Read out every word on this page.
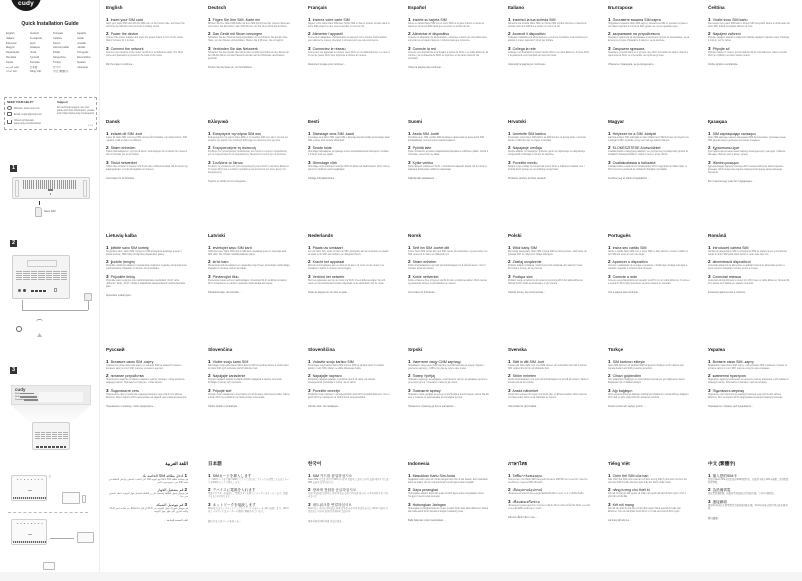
cudy
Quick Installation Guide
English	Deutsch	Français	Español
Italiano	Български	Čeština	Dansk
Ελληνικά	Eesti	Suomi	Hrvatski
Magyar	Қазақша	Lietuvių kalba	Latviski
Nederlands	Norsk	Polski	Português
Română	Русский	Slovenčina	Slovenščina
Srpski	Svenska	Türkçe	Українa
اللغة العربية	日本語	한국어	Indonesia
ภาษาไทย	Tiếng Việt	中文 (繁體字)
NEED YOUR HELP?
Website: www.cudy.com
Email: support@cudy.com
Drivers & Manuals: www.cudy.com/download
Support
For technical support, the user guide and more information, please visit: https://www.cudy.com/support
V 1.0
1
Nano SIM
2
3
cudy
Wi-Fi
Wi-Fi
Password
⌔
English
1 Insert your SIM card
Align your nano SIM card with the SIM icon on the bottom side, and insert the card into the SIM slot until you hear a clicking sound.
2 Power the device
Connect the power adapter and press the power button to turn on the router. Wait 2 minutes for it to start.
3 Connect the network
Connect your devices to the router via Wi-Fi or an Ethernet cable. The Wi-Fi name and password is printed on the back of the router.
Flip the page to continue...
Deutsch
1 Fügen Sie Ihre SIM -Karte ein
Richten Sie Ihre Nano-SIM-Karte mit dem SIM-Symbol auf der unteren Seite aus und setzen Sie die Karte in den SIM-Slot ein, bis Sie einen Klick-Sound hören.
2 Das Gerät mit Strom versorgen
Schließen Sie den Stromversorgungsadapter an und drücken Sie die Ein-/Aus-Taste, um den Router einzuschalten. Warten Sie 2 Minuten, bis er beginnt.
3 Verbinden Sie das Netzwerk
Schließen Sie Ihre Geräte über Wi-Fi oder ein Ethernet-Kabel an den Router an. Der WLAN-Name und das Passwort werden auf der Rückseite des Routers gedruckt.
Drehen Sie die Seite um, um fortzufahren ...
Français
1 Insérez votre carte SIM
Alignez votre carte Nano SIM avec l'icône SIM en bas et insérez la carte dans la fente SIM jusqu'à ce que vous entendiez un son de clic.
2 Alimenter l'appareil
Connectez l'adaptateur d'alimentation et appuyez sur le bouton d'alimentation pour allumer le routeur. Attendez 2 minutes pour que cela commence.
3 Connectez le réseau
Connectez vos appareils au routeur via le Wi-Fi ou un câble Ethernet. Le nom et le mot de passe Wi-Fi sont imprimés à l'arrière du routeur.
Retournez la page pour continuer ...
Español
1 Inserte su tarjeta SIM
Alinee su tarjeta Nano SIM con el icono SIM en la parte inferior e inserte la tarjeta en la ranura SIM hasta que escuche un sonido de clic.
2 Alimentar el dispositivo
Conecte el adaptador de alimentación y presione el botón de encendido para encender el enrutador. Espere 2 minutos para que comience.
3 Conecte la red
Conecte sus dispositivos al enrutador a través de Wi-Fi o un cable Ethernet. El nombre y la contraseña de Wi-Fi se imprimen en la parte posterior del enrutador.
Voltee la página para continuar ...
Italiano
1 Inserisci la tua scheda SIM
Allinea la tua scheda Nano SIM con l'icona SIM sul lato inferiore e inserisci la scheda nello slot SIM fino a sentire un suono di clic.
2 Accendi il dispositivo
Collegare l'adattatore di alimentazione e premere il pulsante di accensione per attivare il router. Aspetta 2 minuti per iniziare.
3 Collega la rete
Collega i tuoi dispositivi al router tramite Wi-Fi o un cavo Ethernet. Il nome Wi-Fi e la password sono stampati sul retro del router.
Capovolgi la pagina per continuare...
Български
1 Поставете вашата SIM карта
Подравнете вашата Nano SIM карта с иконата на SIM от долната страна и поставете картата в слота на SIM, докато не чуете щракващ звук.
2 захранване на устройството
Свържете адаптера за захранване и натиснете бутона за захранване, за да включите рутера. Изчакайте 2 минути, за да започне.
3 Свържете мрежата
Свържете устройствата си с рутера чрез Wi-Fi или Ethernet кабел. Името и паролата на Wi-Fi се отпечатват на гърба на рутера.
Обърнете страницата, за да продължите...
Čeština
1 Vložte svou SIM kartu
Zarovnejte svou nano SIM kartu s ikonou SIM na spodní straně a vložte kartu do slotu SIM, dokud neuslyšíte kliknutí na zvuk.
2 Napájení zařízení
Připojte napájecí adaptér a stisknutím tlačítka napájení zapněte router. Počkejte 2 minuty, než to začne.
3 Připojte síť
Připojte zařízení k routeru pomocí kabelu Wi-Fi nebo Ethernet. Název a heslo Wi-Fi je vytištěno na zadní straně routeru.
Otočte stránku a pokračujte...
Dansk
1 Indsæt dit SIM -kort
Juster dit Nano SIM -kort med SIM -ikonet på bundsiden, og indsæt kortet i SIM -spalten, indtil du hører en klikklyd.
2 Strøm enheden
Tilslut strømadapteren, og tryk på tænd / sluk-knappen for at tænde for routeren. Vent 2 minutter på, at det starter.
3 Tilslut netværket
Tilslut dine enheder til routeren via Wi-Fi eller et Ethernet-kabel. Wi-Fi-navnet og adgangskoden er trykt på bagsiden af routeren.
Vend siden for at fortsætte ...
Ελληνικά
1 Εισαγάγετε την κάρτα SIM σας
Ευθυγραμμίστε την κάρτα Nano SIM με το εικονίδιο SIM στην κάτω πλευρά και εισάγετε την κάρτα στην υποδοχή SIM μέχρι να ακούσετε έναν ήχο κλικ.
2 Ενεργοποιήστε τη συσκευή
Συνδέστε τον προσαρμογέα τροφοδοσίας και πατήστε το κουμπί τροφοδοσίας για να ενεργοποιήσετε τον δρομολογητή. Περιμένετε 2 λεπτά για να ξεκινήσει.
3 Συνδέστε το δίκτυο
Συνδέστε τις συσκευές σας στον δρομολογητή μέσω Wi-Fi ή καλωδίου Ethernet. Το όνομα Wi-Fi και ο κωδικός πρόσβασης εκτυπώνονται στο πίσω μέρος του δρομολογητή.
Γυρίστε τη σελίδα για να συνεχίσετε ...
Eesti
1 Sisestage oma SIM -kaart
Joondage oma Nano SIM -kaart SIM -i ikooniga alumisel küljel ja sisestage kaart SIM -pessa, kuni kuulete klõpsuheli.
2 Seade toide
Ühendage toiteadapter ja vajutage ruuteri sisselülitamiseks toitenuppu. Oodake 2 minutit, kuni see algab.
3 Ühendage võrk
Ühendage oma seadmed ruuteriga WiFi või Etherneti kaabli kaudu. Wi-Fi nimi ja parool on trükitud ruuteri tagaküljele.
Lülitage leht jätkamiseks ...
Suomi
1 Aseta SIM -kortti
Kohdista nano -SIM -korttisi SIM-kuvakkeen alareunaan ja aseta kortti SIM-korttipaikkaan, kunnes kuulet napsautusäänen.
2 Pyöritä laite
Kytke virtasovitin ja paina virtapainiketta kytkeäksesi reitittimen päälle. Odota 2 minuuttia, ennen kuin se alkaa.
3 Kytke verkko
Kytke laitteesi reitittimeen Wi-Fi: n tai Ethernet-kaapelin kautta. Wi-Fi-nimiä ja salasana tulostetaan reitittimen takaosaan.
Kääntämään jatkaaksesi ...
Hrvatski
1 Umetnite SIM karticu
Poravnajte svoju Nano SIM karticu sa SIM ikonom na donjoj strani i umetnite karticu u SIM utor dok ne čujete zvuk klika.
2 Napajanje uređaja
Spojite adapter za napajanje i pritisnite gumb za uključivanje za uključivanje usmjerivača. Pričekajte 2 minute da započne.
3 Povežite mrežu
Spojite svoje uređaje na usmjerivač putem Wi-Fi-a ili Ethernet kabela. Ime i lozinka Wi-Fi ispisuju se na stražnjoj usmjerivača.
Prebacite stranicu da biste nastavili ...
Magyar
1 Helyezze be a SIM -kártyát
Igazítsa a Nano SIM -kártyáját az alsó oldalon lévő SIM ikonnal, és helyezze be a kártyát a SIM -nyílásba, amíg nem hall egy kattintó hangot.
2 ELŐKÉSZÍTÉSE A készüléket
Csatlakoztassa a tápegység-adaptert, és nyomja meg a bekapcsoló gombot az útválasztó bekapcsolásához. Várjon 2 percet, amíg elindul.
3 Csatlakoztassa a hálózatot
Csatlakoztassa eszközeit az útválasztóhoz Wi-Fi vagy Ethernet kábel útján. A Wi-Fi nevét és jelszavát az útválasztó hátulján nyomtatják.
Fordítsa meg az oldalt a folytatáshoz ...
Қазақша
1 SIM картаңызды салыңыз
Nano SIM картаны төменгі жағындағы SIM белгішесімен туралаңыз және SIM ұясына шерту дыбысын естігенше салыңыз.
2 Құрылғыны қуат
Қуат адаптерін қосыңыз және маршрутизаторды қосу үшін қуат түймесін басыңыз. Бастау үшін 2 минут күтіңіз.
3 Желіні қосыңыз
Құрылғыларды маршрутизаторға Wi-Fi немесе Ethernet кабелі арқылы қосыңыз. Wi-Fi атауы мен пароль маршрутизатордың артқы жағында басылған.
Бетті жалғастыру үшін бетті аударыңыз ...
Lietuvių kalba
1 Įdėkite savo SIM kortelę
Sulyginkite savo „Nano SIM“ kortelę su SIM piktograma apatinėje pusėje ir įdėkite kortelę į SIM lizdą, kol išgirsite paspaudimo garsą.
2 Įjunkite įrenginį
Prijunkite maitinimo adapterį ir paspauskite maitinimo mygtuką, kad įjungtumėte maršrutizatorių. Palaukite 2 minutes, kol jis prasidės.
3 Prijunkite tinklą
Prijunkite savo įrenginius prie maršrutizatoriaus naudodami „Wi-Fi“ arba „Ethernet“ laidą. „Wi-Fi“ vardas ir slaptažodis atspausdinami maršrutizatoriaus gale.
Apverskite puslapį tęsti ...
Latviski
1 Ievietojiet savu SIM karti
Izlīdziniet savu Nano SIM karti ar SIM ikonu apakšējā pusē un ievietojiet karti SIM slotā, līdz dzirdat noklikšķināšanas skaņu.
2 Ierīci baro
Pievienojiet strāvas adapteri un nospiediet pogu Power, lai ieslēgtu maršrutētāju. Pagaidiet 2 minūtes, kamēr tas sākas.
3 Pievienojiet tīklu
Pievienojiet savas ierīces maršrutētājam, izmantojot Wi-Fi vai Ethernet kabeli. Wi-Fi nosaukums un parole ir iespiesta maršrutētāja aizmugurē.
Pārslēdziet lapu, lai turpinātu ...
Nederlands
1 Plaats uw simkaart
Lijn uw Nano Sim -kaart uit met het SIM -pictogram aan de onderkant en plaats de kaart in de SIM -slot totdat u een klikgeluid hoort.
2 Kracht het apparaat
Sluit de stroomadapter aan en druk op de aan / uit -knop om de router in te schakelen. Wacht 2 minuten tot het begint.
3 Verbind het netwerk
Sluit uw apparaten aan op de router via Wi-Fi of een Ethernet-kabel. De wifi-naam en het wachtwoord worden afgedrukt op de achterkant van de router.
Draai de pagina om om door te gaan ...
Norsk
1 Sett inn SIM -kortet ditt
Juster Nano SIM -kortet ditt med SIM -ikonet på undersiden, og sett kortet inn i SIM -sporet til du hører en klikkende lyd.
2 Strøm enheten
Koble strømadapteren og trykk på strømknappen for å slå på ruteren. Vent 2 minutter på at den starter.
3 Koble nettverket
Koble enhetene dine til ruteren via Wi-Fi eller en Ethernet-kabel. Wi-Fi-navnet og passordet skrives ut på baksiden av ruteren.
Vend siden for å fortsette ...
Polski
1 Włóż kartę SIM
Wyrównaj swoją kartę Nano SIM z ikoną SIM po dolnej stronie i włóż kartę do gniazda SIM, aż usłyszysz dźwięk kliknięcia.
2 Zasilaj urządzenie
Podłącz adapter zasilania i naciśnij przycisk zasilania, aby włączyć router. Poczekaj 2 minuty, aż się zacznie.
3 Podłącz sieć
Podłącz swoje urządzenia do routera za pomocą Wi-Fi lub kabla Ethernet. Nazwa Wi-Fi i hasło są drukowane z tyłu routera.
Odwróć stronę, aby kontynuować ...
Português
1 Insira seu cartão SIM
Alinhe o cartão Nano SIM com o ícone SIM no lado inferior e insira o cartão no slot SIM até ouvir um som de clique.
2 Aparecer o dispositivo
Conecte o adaptador de energia e pressione o botão liga / desliga para ligar o roteador. Aguarde 2 minutos para começar.
3 Conecte a rede
Conecte seus dispositivos ao roteador via Wi-Fi ou um cabo Ethernet. O nome e a senha do Wi-Fi são impressos na parte traseira do roteador.
Vire a página para continuar ...
Română
1 Introduceți cartela SIM
Aliniați-vă cartela Nano SIM cu pictograma SIM pe partea de jos și introduceți cardul în slotul SIM până când auziți un sunet care face clic.
2 alimentează dispozitivul
Conectați adaptorul de alimentare și apăsați butonul de alimentare pentru a porni routerul. Așteptați 2 minute pentru a începe.
3 Conectați rețeaua
Conectați-vă dispozitivele la router prin Wi-Fi sau un cablu Ethernet. Numele Wi-Fi și parola sunt tipărite pe spatele routerului.
Întoarceți pagina pentru a continua...
Русский
1 Вставьте свою SIM -карту
Совместите свою нано-сим-карту со значком SIM на нижней стороне и вставьте карту в слот SIM, пока не услышите щелчок.
2 питание устройства
Подключите адаптер питания и нажмите кнопку питания, чтобы включить маршрутизатор. Подождите 2 минуты, чтобы начать.
3 Подключите сеть
Подключите свои устройства к маршрутизатору через Wi-Fi или кабель Ethernet. Имя и пароль Wi-Fi напечатаны на задней части маршрутизатора.
Переверните страницу, чтобы продолжить ...
Slovenčina
1 Vložte svoju kartu SIM
Zarovnajte svoju kartu Nano SIM s ikonou SIM na spodnej strane a vložte kartu do slotu SIM, kým nebudete počuť kliknutie zvuk.
2 Napájajte zariadenie
Pripojte napájací adaptér a stlačte tlačidlo napájania a zapnite smerovač. Počkajte 2 minúty, kým sa začne.
3 Pripojte sieť
Pripojte svoje zariadenia k smerovaču cez Wi-Fi alebo ethernetový kábel. Názov a heslo Wi-Fi sú vytlačené na zadnej strane smerovača.
Otočte stránku a pokračujte ...
Slovenščina
1 Vstavite svojo kartico SIM
Poravnajte svojo kartico Nano SIM z ikono SIM na spodnji strani in vstavite kartico v režo SIM, dokler ne slišite klikanega zvoka.
2 Napajajte napravo
Priključite napajalni adapter in pritisnite gumb za vklop, da vklopite usmerjevalnik. Počakajte 2 minuti, da se začne.
3 Povežite omrežje
Priključite svoje naprave z usmerjevalnikom prek Wi-Fi ali kabla Ethernet. Ime in geslo Wi-Fi je natisnjeno na zadnji strani usmerjevalnika.
Obrnite stran, da nadaljujete ...
Srpski
1 Уметните своју СИМ картицу
Поравнајте своју нано СИМ картицу са СИМ иконом на доњој страни и уметните картицу у СИМ утор док не чујете звук клика.
2 Повер Уређај
Повежите адаптер за напајање и притисните тастер за напајање да бисте укључили рутер. Сачекајте 2 минута да почне.
3 Повежите мрежу
Повежите своје уређаје на рутер путем Ви-Фи-а или Етхернет кабла. Ви-Фи име и лозинка су одштампани на полеђини рутера.
Преврните страницу да бисте наставили ...
Svenska
1 Sätt in ditt SIM -kort
Justera ditt Nano SIM -kort med SIM -ikonen på undersidan och sätt in kortet i SIM -spåret tills du hör ett klickande ljud.
2 Ström enheten
Anslut strömadaptern och tryck på strömknappen för att slå på routern. Vänta 2 minuter på att den startar.
3 Anslut nätverket
Anslut dina enheter till routern via Wi-Fi eller en Ethernet-kabel. Wi-Fi-namnet och lösenordet skrivs ut på baksidan av routern.
Vänd sidan för att fortsätta ...
Türkçe
1 SIM kartınızı ekleyin
Nano SIM kartınızı alt taraftaki SIM simgesiyle hizalayın ve bir tıklama sesi duyana kadar kartı SIM yuvasına yerleştirin.
2 Cihazı güçlendirin
Güç adaptörünü bağlayın ve yönlendiriciyi açmak için güç düğmesine basın. Başlaması için 2 dakika bekleyin.
3 Ağı bağlayın
Wi-Fi veya bir Ethernet kablosu aracılığıyla cihazlarınızı yönlendiriciye bağlayın. Wi-Fi adı ve şifre yönlendiricinin arkasına yazdırılır.
Devam etmek için sayfayı çevirin ...
Українa
1 Вставте свою SIM -карту
Вирівняйте свою Nano SIM -карту з піктограмою SIM з нижньої сторони та вставте картку в слот SIM, поки не почуєте звук клацання.
2 живлення пристрою
Підключіть адаптер живлення та натисніть кнопку живлення, щоб увімкнути маршрутизатор. Зачекайте 2 хвилини, щоб він почався.
3 Підключіть мережу
Підключіть свої пристрої до маршрутизатора через Wi-Fi або кабель Ethernet. Ім'я та пароль Wi-Fi надруковані на звороті маршрутизатора.
Переверніть сторінку, щоб продовжити ...
اللغة العربية
1 أدخل بطاقة SIM الخاصة بك
قم بمحاذاة بطاقة Nano SIM مع أيقونة SIM على الجانب السفلي، وأدخل البطاقة في فتحة SIM حتى تسمع صوت النقر.
2 قم بتشغيل الجهاز
قم بتوصيل محول الطاقة واضغط على زر الطاقة لتشغيل جهاز التوجيه. انتظر دقيقتين حتى يبدأ.
3 قم بتوصيل الشبكة
قم بتوصيل أجهزتك بجهاز التوجيه عبر Wi-Fi أو كابل Ethernet. تتم طباعة اسم Wi-Fi وكلمة المرور على ظهر جهاز التوجيه.
اقلب الصفحة للمتابعة ...
日本語
1 SIMカードを挿入します
ナノSIMカードを下側のSIMアイコンに合わせ、クリック音が聞こえるまでカードをSIMスロットに挿入します。
2 デバイスに電源を入れます
電源アダプターを接続し、電源ボタンを押してルーターをオンにします。開始するまで2分待ちます。
3 ネットワークを接続します
Wi-FiまたはイーサネットケーブルでデバイスをルーターBに接続します。Wi-Fi名とパスワードはルーターの背面に印刷されています。
続行するにはページをめくる...
한국어
1 SIM 카드를 삽입하십시오
Nano SIM 카드를 하단의 SIM 아이콘과 정렬하고 클릭 소리가 들릴 때까지 카드를 SIM 슬롯에 삽입하십시오.
2 장치에 전원을 공급하십시오
전원 어댑터를 연결하고 전원 버튼을 눌러 라우터를 켭니다. 시작하려면 2 분 기다리십시오.
3 네트워크를 연결하십시오
Wi-Fi 또는 이더넷 케이블을 통해 장치를 라우터에 연결하십시오. Wi-Fi 이름과 비밀번호는 라우터 뒷면에 인쇄되어 있습니다.
계속하려면 페이지를 뒤집으세요 ...
Indonesia
1 Masukkan Kartu Sim Anda
Sejajarkan kartu nano sim Anda dengan ikon sim di sisi bawah, dan masukkan kartu ke dalam slot sim sampai Anda mendengar suara mengklik.
2 Daya perangkat
Hubungkan adaptor daya dan tekan tombol daya untuk menyalakan router. Tunggu 2 menit untuk memulai.
3 Hubungkan Jaringan
Hubungkan perangkat Anda ke router melalui Wi-Fi atau kabel Ethernet. Nama dan kata sandi Wi-Fi dicetak di bagian belakang router.
Balik halaman untuk melanjutkan ...
ภาษาไทย
1 ใส่ซิมการ์ดของคุณ
จัดตำแหน่งการ์ด Nano SIM ของคุณด้วยไอคอน SIM ที่ด้านล่างและใส่การ์ดลงในช่องซิมจนกว่าคุณจะได้ยินเสียงคลิก
2 เปิดอุปกรณ์อุปกรณ์
เชื่อมต่ออะแดปเตอร์ไฟและกดปุ่มเปิดปิดเพื่อเปิดเราเตอร์ รอ 2 นาทีเพื่อเริ่มต้น
3 เชื่อมต่อเครือข่าย
เชื่อมต่ออุปกรณ์ของคุณกับเราเตอร์ผ่าน Wi-Fi หรือสายอีเธอร์เน็ต ชื่อ Wi-Fi และรหัสผ่านจะพิมพ์ที่ด้านหลังของเราเตอร์
พลิกหน้าเพื่อดำเนินการต่อ ...
Tiếng Việt
1 Chèn thẻ SIM của bạn
Căn chỉnh thẻ SIM nano của bạn với biểu tượng SIM ở phía dưới và chèn thẻ vào khe SIM cho đến khi bạn nghe thấy âm thanh nhấp chuột.
2 năng lượng cho thiết bị
Kết nối bộ chuyển đổi nguồn và nhấn nút nguồn để bật bộ định tuyến. Chờ 2 phút để nó bắt đầu.
3 Kết nối mạng
Kết nối các thiết bị của bạn với bộ định tuyến thông qua Wi-Fi hoặc cáp Ethernet. Tên và mật khẩu Wi-Fi được in ở mặt sau của bộ định tuyến.
Lật trang để tiếp tục ...
中文 (繁體字)
1 插入您的SIM卡
將您的Nano SIM卡與底部的SIM圖標對齊，然後將卡插入SIM卡插槽，直到您聽到單擊聲。
2 為設備供電
連接電源適配器，然後按電源按鈕以打開路由器。等待2分鐘開始。
3 連接網絡
通過Wi-Fi或以太網電纜將設備連接到路由器。Wi-Fi名稱和密碼打印在路由器背面。
翻頁繼續...
